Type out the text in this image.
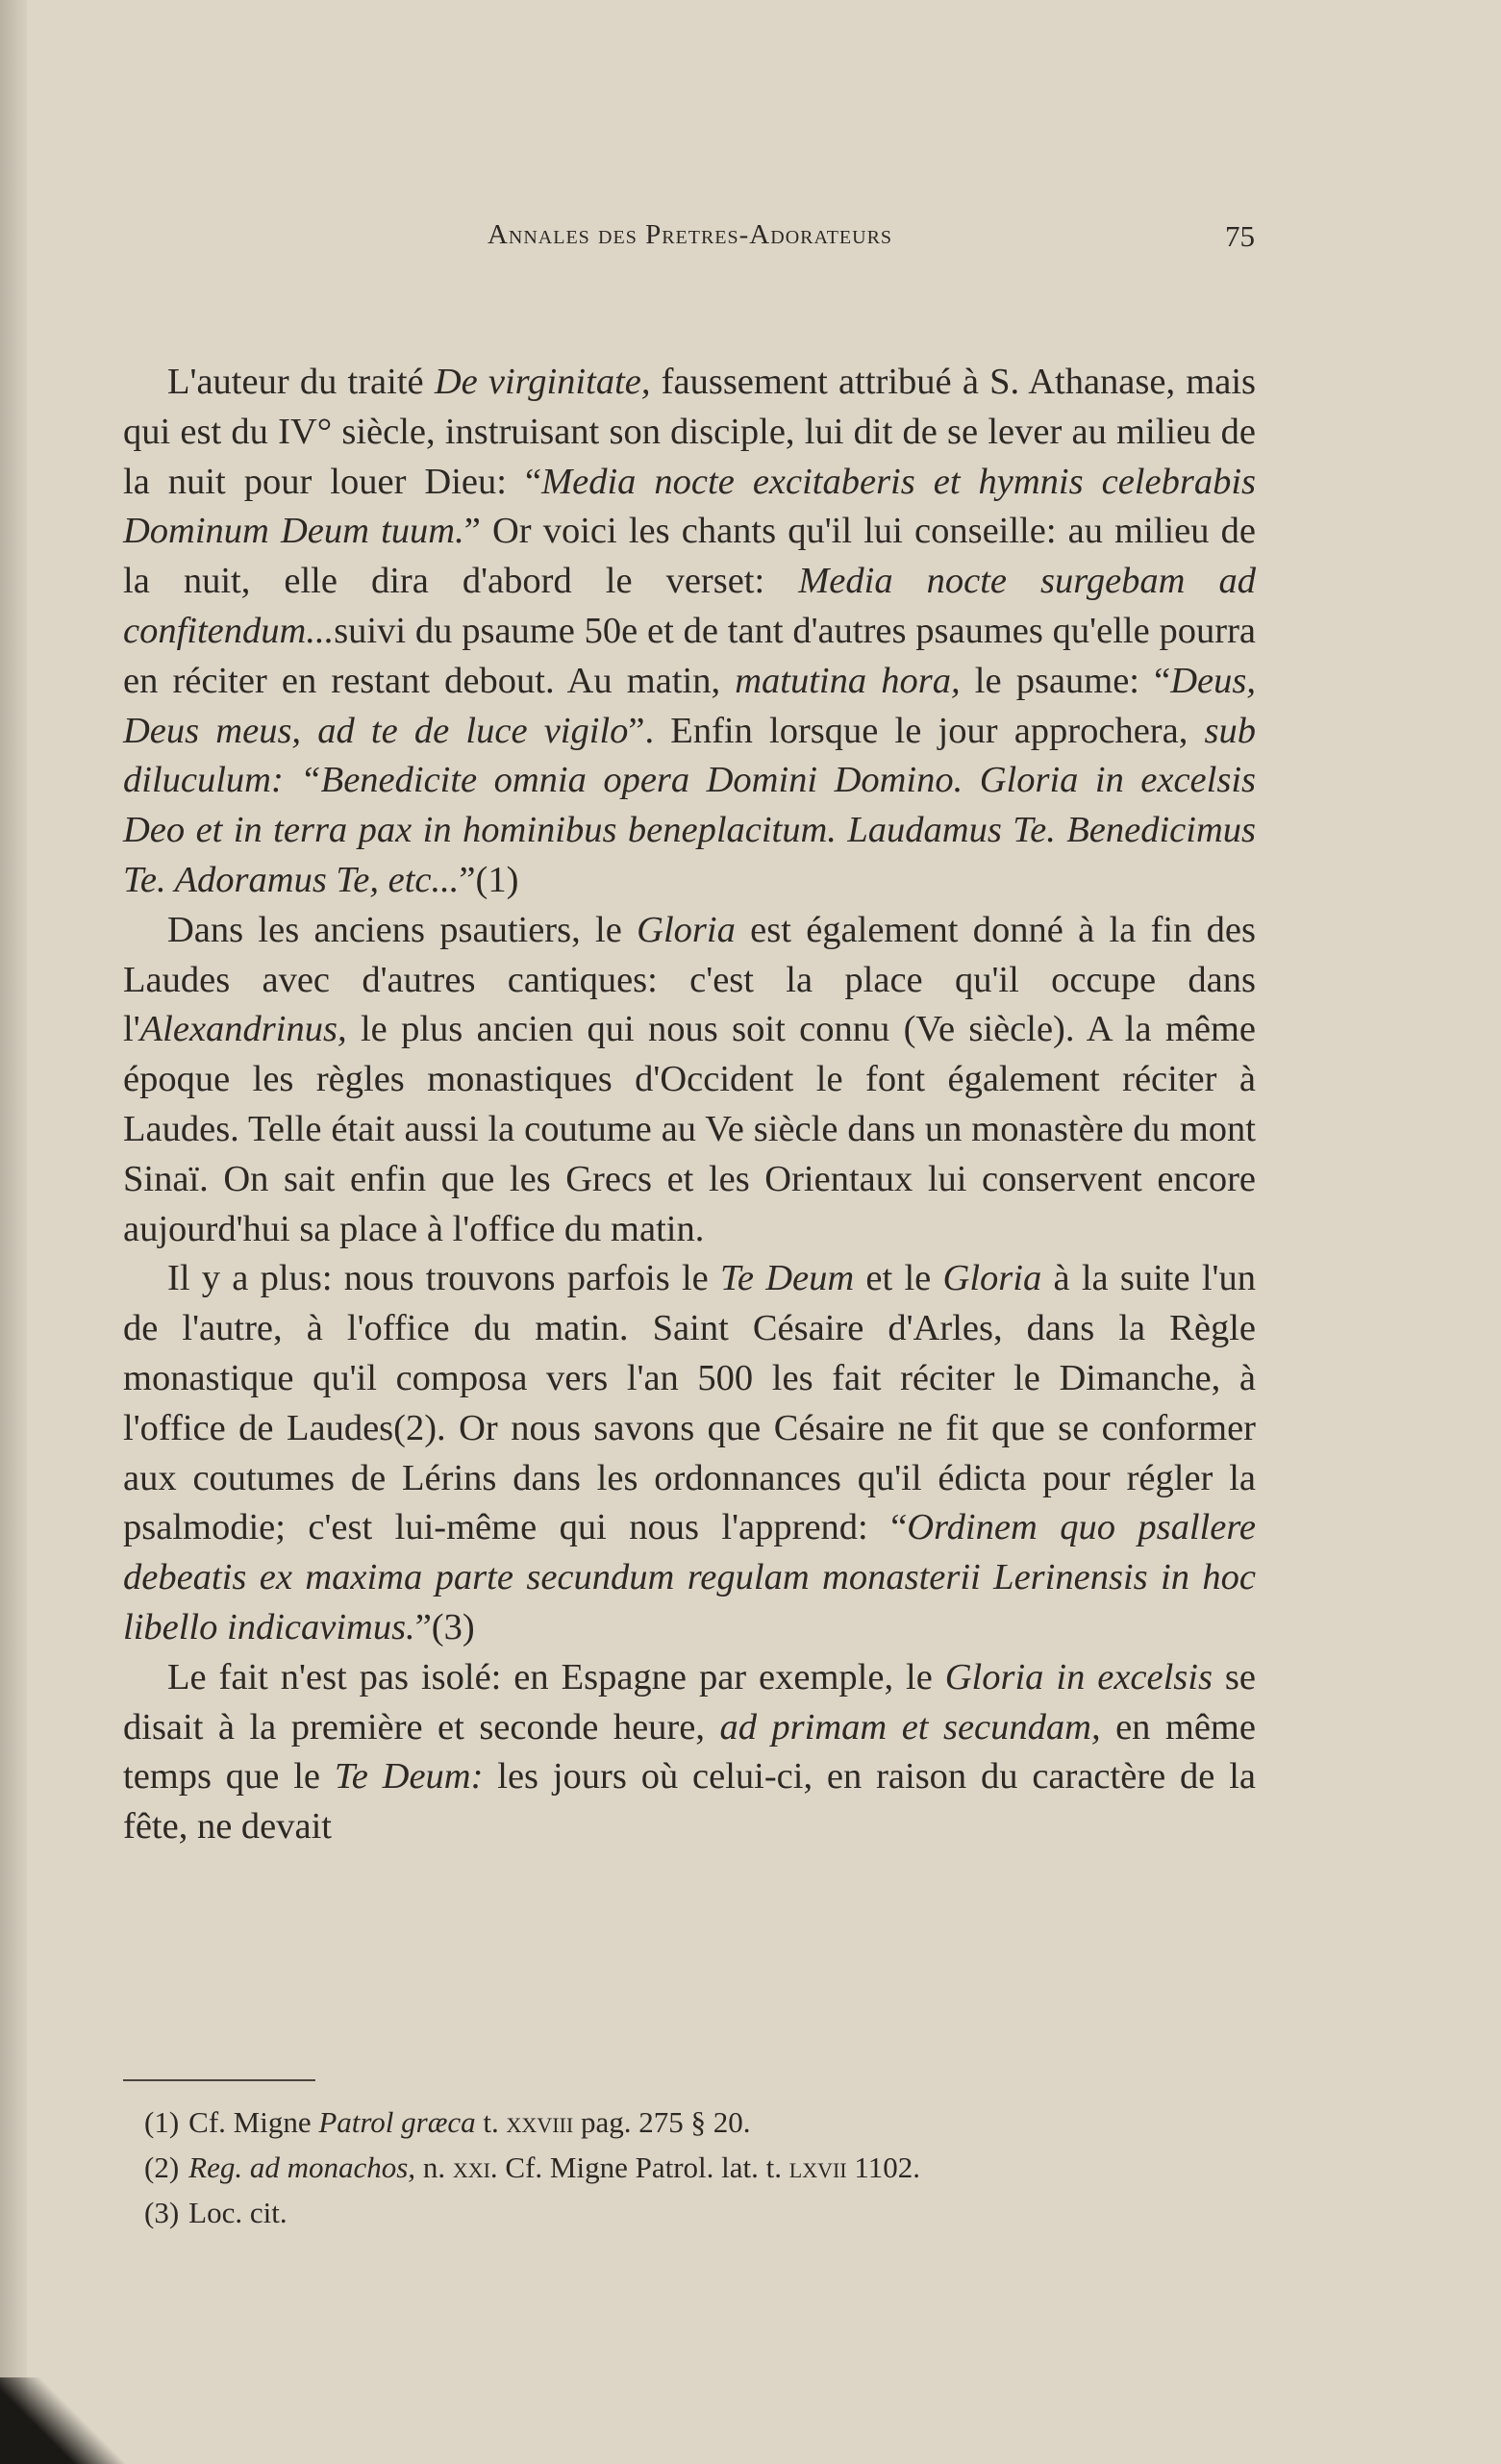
Annales des Pretres-Adorateurs	75

L'auteur du traité De virginitate, faussement attribué à S. Athanase, mais qui est du IV° siècle, instruisant son disciple, lui dit de se lever au milieu de la nuit pour louer Dieu: “Media nocte excitaberis et hymnis celebrabis Dominum Deum tuum.” Or voici les chants qu'il lui conseille: au milieu de la nuit, elle dira d'abord le verset: Media nocte surgebam ad confitendum...suivi du psaume 50e et de tant d'autres psaumes qu'elle pourra en réciter en restant debout. Au matin, matutina hora, le psaume: “Deus, Deus meus, ad te de luce vigilo”. Enfin lorsque le jour approchera, sub diluculum: “Benedicite omnia opera Domini Domino. Gloria in excelsis Deo et in terra pax in hominibus beneplacitum. Laudamus Te. Benedicimus Te. Adoramus Te, etc...”(1)

Dans les anciens psautiers, le Gloria est également donné à la fin des Laudes avec d'autres cantiques: c'est la place qu'il occupe dans l'Alexandrinus, le plus ancien qui nous soit connu (Ve siècle). A la même époque les règles monastiques d'Occident le font également réciter à Laudes. Telle était aussi la coutume au Ve siècle dans un monastère du mont Sinaï. On sait enfin que les Grecs et les Orientaux lui conservent encore aujourd'hui sa place à l'office du matin.

Il y a plus: nous trouvons parfois le Te Deum et le Gloria à la suite l'un de l'autre, à l'office du matin. Saint Césaire d'Arles, dans la Règle monastique qu'il composa vers l'an 500 les fait réciter le Dimanche, à l'office de Laudes(2). Or nous savons que Césaire ne fit que se conformer aux coutumes de Lérins dans les ordonnances qu'il édicta pour régler la psalmodie; c'est lui-même qui nous l'apprend: “Ordinem quo psallere debeatis ex maxima parte secundum regulam monasterii Lerinensis in hoc libello indicavimus.”(3)

Le fait n'est pas isolé: en Espagne par exemple, le Gloria in excelsis se disait à la première et seconde heure, ad primam et secundam, en même temps que le Te Deum: les jours où celui-ci, en raison du caractère de la fête, ne devait

(1) Cf. Migne Patrol græca t. xxviii pag. 275 § 20.
(2) Reg. ad monachos, n. xxi. Cf. Migne Patrol. lat. t. lxvii 1102.
(3) Loc. cit.
